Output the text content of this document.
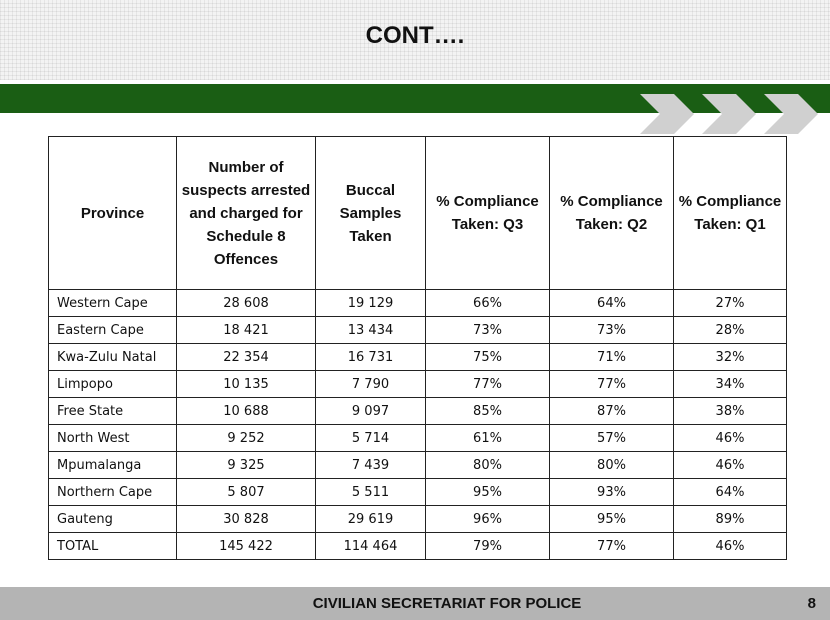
CONT….
Province	Number of suspects arrested and charged for Schedule 8 Offences	Buccal Samples Taken	% Compliance Taken: Q3	% Compliance Taken: Q2	% Compliance Taken: Q1
Western Cape	28 608	19 129	66%	64%	27%
Eastern Cape	18 421	13 434	73%	73%	28%
Kwa-Zulu Natal	22 354	16 731	75%	71%	32%
Limpopo	10 135	7 790	77%	77%	34%
Free State	10 688	9 097	85%	87%	38%
North West	9 252	5 714	61%	57%	46%
Mpumalanga	9 325	7 439	80%	80%	46%
Northern Cape	5 807	5 511	95%	93%	64%
Gauteng	30 828	29 619	96%	95%	89%
TOTAL	145 422	114 464	79%	77%	46%
CIVILIAN SECRETARIAT FOR POLICE	8
